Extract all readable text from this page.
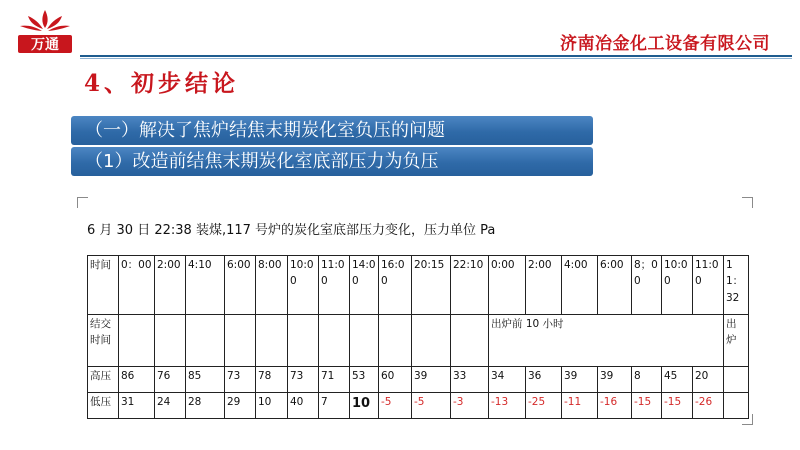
万通	济南冶金化工设备有限公司
4、初步结论
（一）解决了焦炉结焦末期炭化室负压的问题
（1）改造前结焦末期炭化室底部压力为负压
6 月 30 日 22:38 装煤,117 号炉的炭化室底部压力变化，压力单位 Pa
时间	0：00	2:00	4:10	6:00	8:00	10:00	11:00	14:00	16:00	20:15	22:10	0:00	2:00	4:00	6:00	8；00	10:00	11:00	11：32
结交时间												出炉前 10 小时							出炉
高压	86	76	85	73	78	73	71	53	60	39	33	34	36	39	39	8	45	20	
低压	31	24	28	29	10	40	7	10	-5	-5	-3	-13	-25	-11	-16	-15	-15	-26	
